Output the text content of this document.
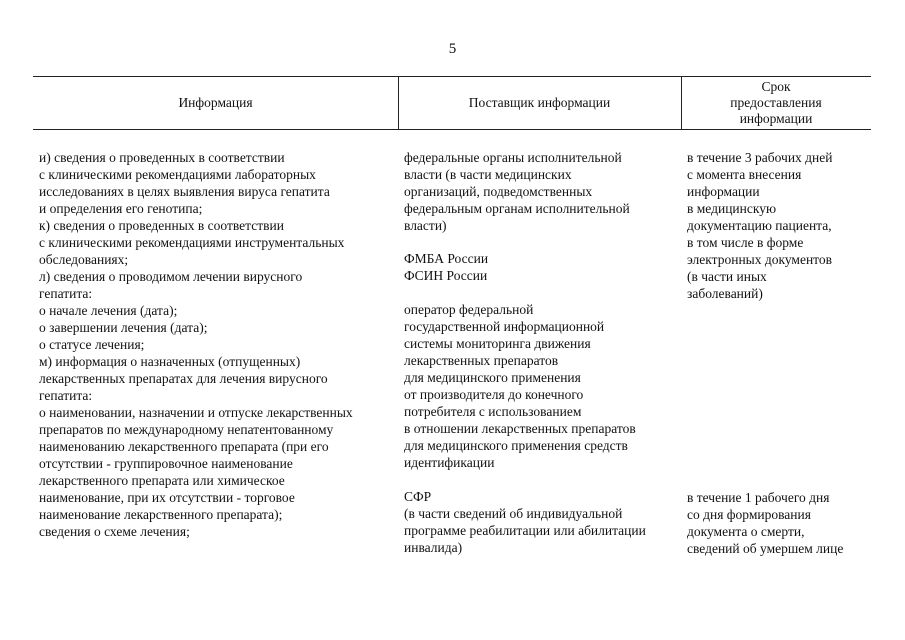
5
Информация	Поставщик информации
Срок
предоставления
информации

и) сведения о проведенных в соответствии
с клиническими рекомендациями лабораторных
исследованиях в целях выявления вируса гепатита
и определения его генотипа;
к) сведения о проведенных в соответствии
с клиническими рекомендациями инструментальных
обследованиях;
л) сведения о проводимом лечении вирусного
гепатита:
о начале лечения (дата);
о завершении лечения (дата);
о статусе лечения;
м) информация о назначенных (отпущенных)
лекарственных препаратах для лечения вирусного
гепатита:
о наименовании, назначении и отпуске лекарственных
препаратов по международному непатентованному
наименованию лекарственного препарата (при его
отсутствии - группировочное наименование
лекарственного препарата или химическое
наименование, при их отсутствии - торговое
наименование лекарственного препарата);
сведения о схеме лечения;

федеральные органы исполнительной
власти (в части медицинских
организаций, подведомственных
федеральным органам исполнительной
власти)

ФМБА России
ФСИН России

оператор федеральной
государственной информационной
системы мониторинга движения
лекарственных препаратов
для медицинского применения
от производителя до конечного
потребителя с использованием
в отношении лекарственных препаратов
для медицинского применения средств
идентификации

СФР
(в части сведений об индивидуальной
программе реабилитации или абилитации
инвалида)

в течение 3 рабочих дней
с момента внесения
информации
в медицинскую
документацию пациента,
в том числе в форме
электронных документов
(в части иных
заболеваний)

в течение 1 рабочего дня
со дня формирования
документа о смерти,
сведений об умершем лице
